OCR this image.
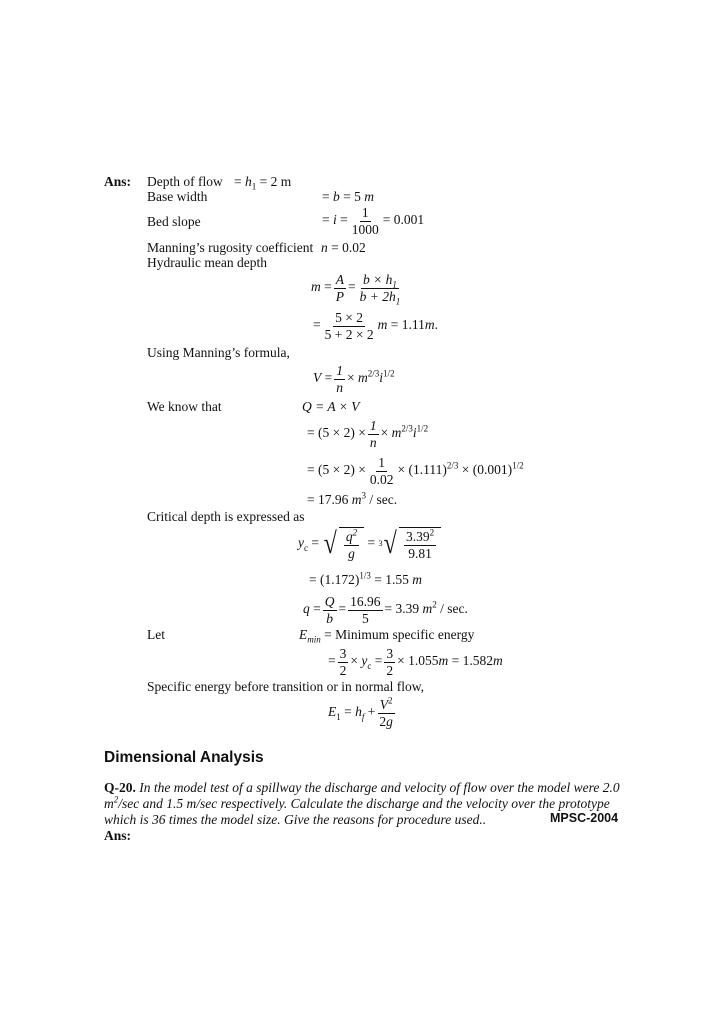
Ans: Depth of flow = $h_1 = 2$ m
Base width	= b = 5 m
Bed slope	= $i = \frac{1}{1000} = 0.001$
Manning’s rugosity coefficient n = 0.02
Hydraulic mean depth
$m = \frac{A}{P} = \frac{b \times h_1}{b + 2h_1}$
= $\frac{5 \times 2}{5 + 2 \times 2}$ m = 1.11m.
Using Manning’s formula,
$V = \frac{1}{n} \times m^{2/3}i^{1/2}$
We know that	Q = A × V
= $(5 \times 2) \times \frac{1}{n} \times m^{2/3}i^{1/2}$
= $(5 \times 2) \times \frac{1}{0.02} \times (1.111)^{2/3} \times (0.001)^{1/2}$
= 17.96 $m^3$ / sec.
Critical depth is expressed as
$y_c$ = √ $\frac{q^2}{g} = 3$ √ $\frac{3.39^2}{9.81}$
= $(1.172)^{1/3} = 1.55$ m
$q = \frac{Q}{b} = \frac{16.96}{5} = 3.39$ $m^2$ / sec.
Let	$E_{min}$ = Minimum specific energy
= $\frac{3}{2} \times y_c = \frac{3}{2} \times 1.055m = 1.582m$
Specific energy before transition or in normal flow,
$E_1 = h_f + \frac{V^2}{2g}$
Dimensional Analysis
Q-20. In the model test of a spillway the discharge and velocity of flow over the model were 2.0 $m^2/\sec$ and 1.5 m/sec respectively. Calculate the discharge and the velocity over the prototype which is 36 times the model size. Give the reasons for procedure used..	MPSC-2004
Ans:
